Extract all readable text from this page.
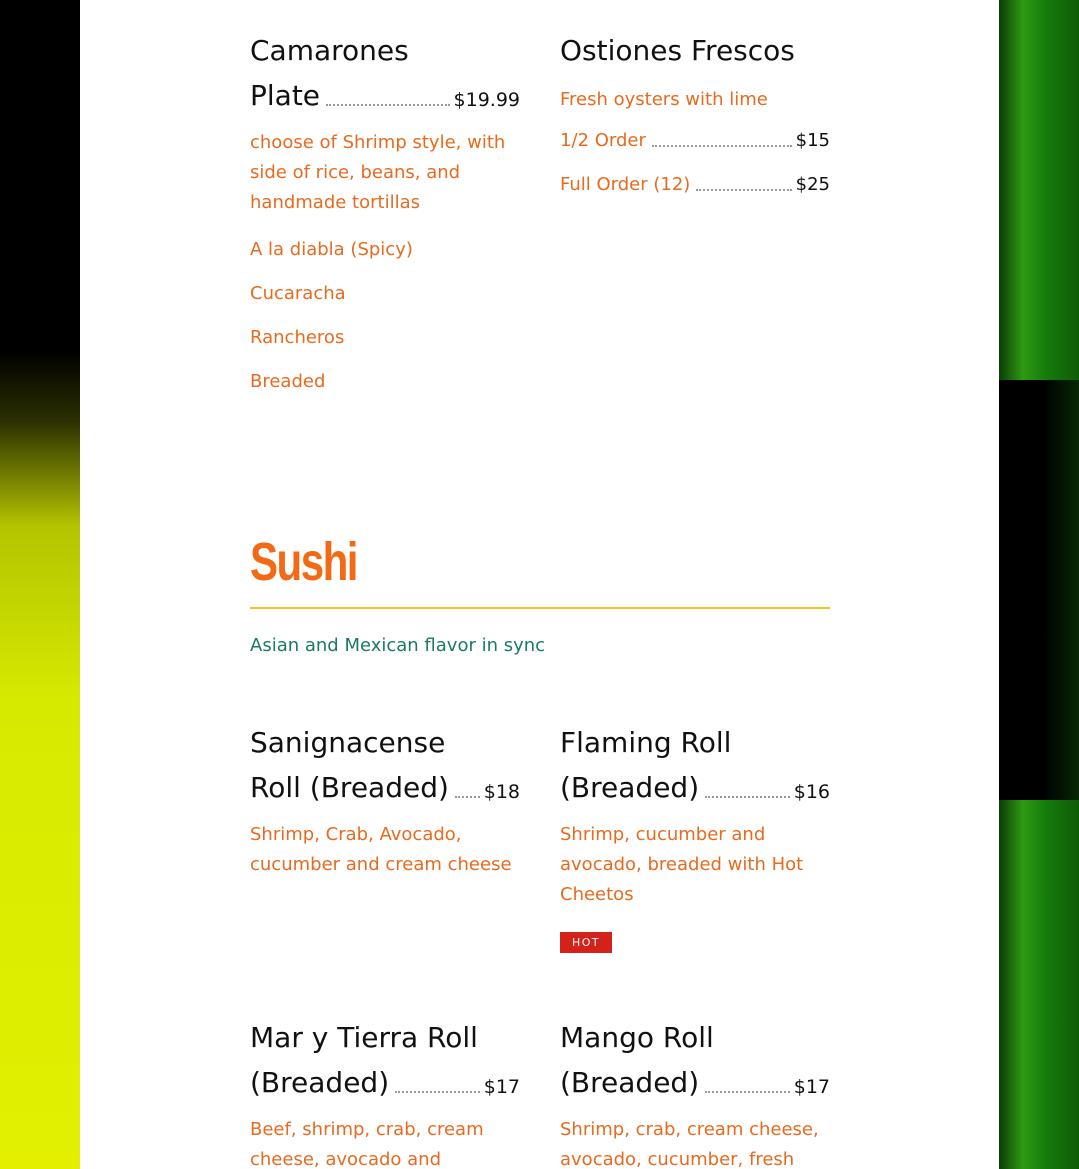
Camarones
Plate	$19.99
choose of Shrimp style, with side of rice, beans, and handmade tortillas
A la diabla (Spicy)
Cucaracha
Rancheros
Breaded
Ostiones Frescos
Fresh oysters with lime
1/2 Order	$15
Full Order (12)	$25
Sushi
Asian and Mexican flavor in sync
Sanignacense
Roll (Breaded) $18
Shrimp, Crab, Avocado, cucumber and cream cheese
Flaming Roll
(Breaded)	$16
Shrimp, cucumber and avocado, breaded with Hot Cheetos
HOT
Mar y Tierra Roll
(Breaded)	$17
Beef, shrimp, crab, cream cheese, avocado and
Mango Roll
(Breaded)	$17
Shrimp, crab, cream cheese, avocado, cucumber, fresh
